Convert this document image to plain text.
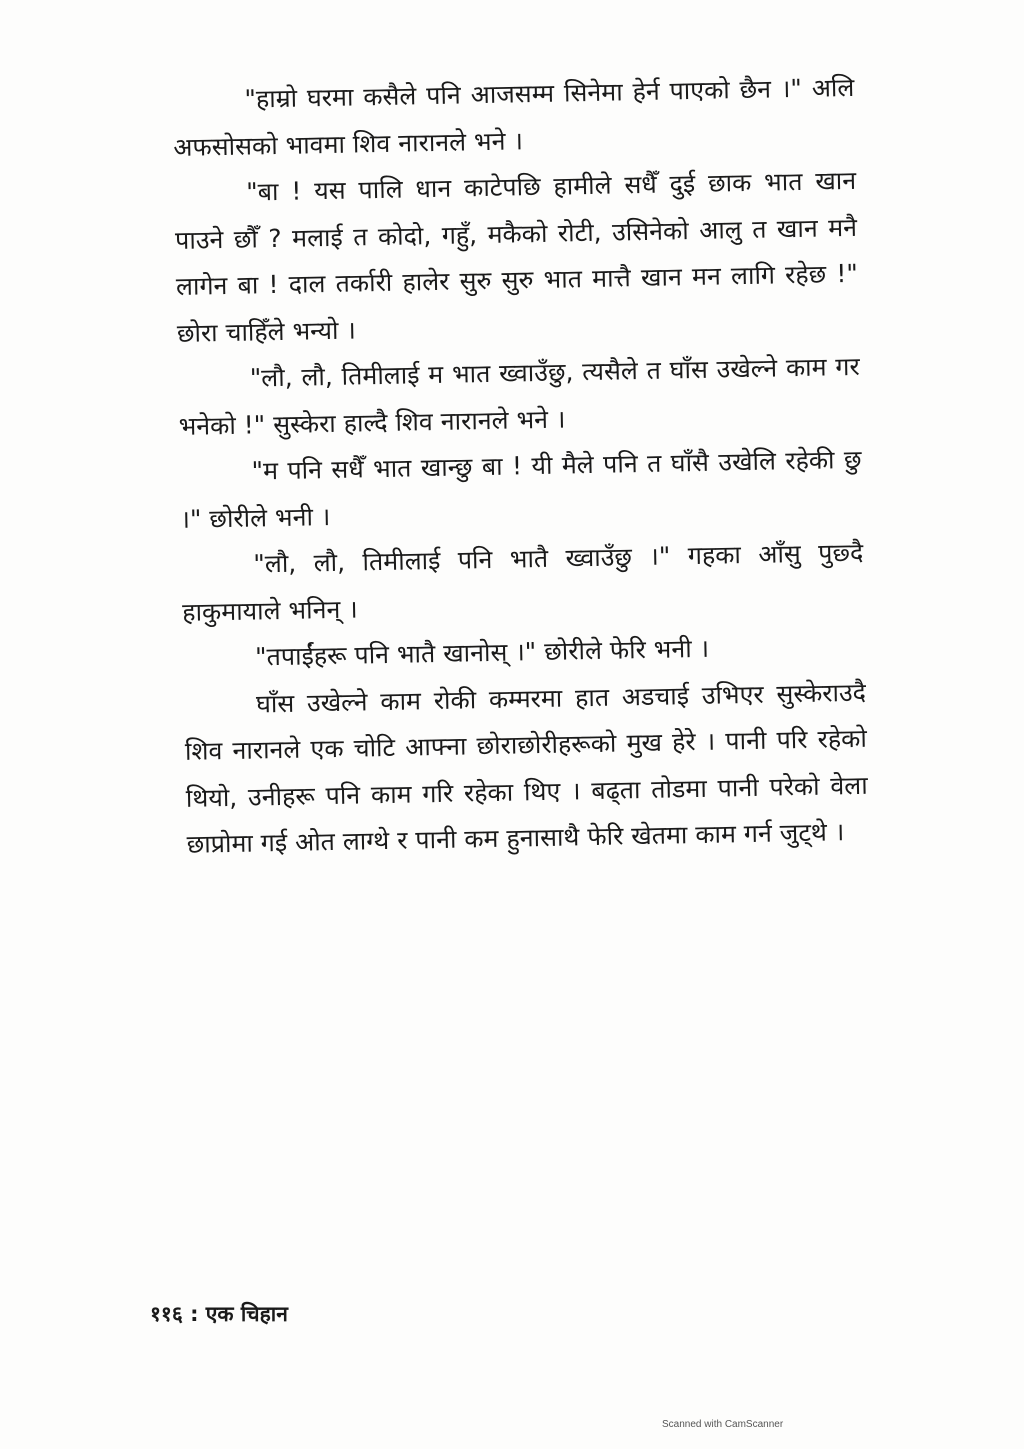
"हाम्रो घरमा कसैले पनि आजसम्म सिनेमा हेर्न पाएको छैन ।" अलि अफसोसको भावमा शिव नारानले भने ।

"बा ! यस पालि धान काटेपछि हामीले सधैँ दुई छाक भात खान पाउने छौँ ? मलाई त कोदो, गहुँ, मकैको रोटी, उसिनेको आलु त खान मनै लागेन बा ! दाल तर्कारी हालेर सुरु सुरु भात मात्तै खान मन लागि रहेछ !" छोरा चाहिँले भन्यो ।

"लौ, लौ, तिमीलाई म भात ख्वाउँछु, त्यसैले त घाँस उखेल्ने काम गर भनेको !" सुस्केरा हाल्दै शिव नारानले भने ।

"म पनि सधैँ भात खान्छु बा ! यी मैले पनि त घाँसै उखेलि रहेकी छु ।" छोरीले भनी ।

"लौ, लौ, तिमीलाई पनि भातै ख्वाउँछु ।" गहका आँसु पुछ्दै हाकुमायाले भनिन् ।

"तपाईंहरू पनि भातै खानोस् ।" छोरीले फेरि भनी ।

घाँस उखेल्ने काम रोकी कम्मरमा हात अडचाई उभिएर सुस्केराउदै शिव नारानले एक चोटि आफ्ना छोराछोरीहरूको मुख हेरे । पानी परि रहेको थियो, उनीहरू पनि काम गरि रहेका थिए । बढ्ता तोडमा पानी परेको वेला छाप्रोमा गई ओत लाग्थे र पानी कम हुनासाथै फेरि खेतमा काम गर्न जुट्थे ।

११६ : एक चिहान
Scanned with CamScanner
